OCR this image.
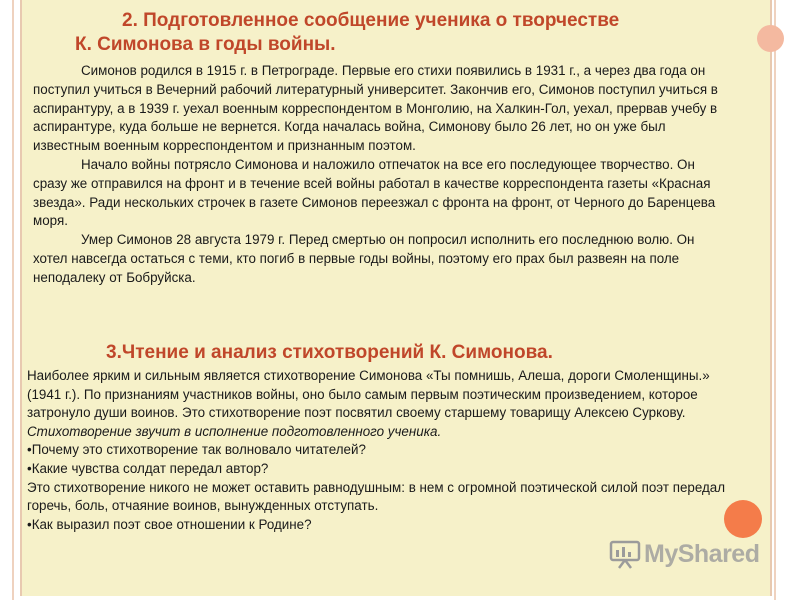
2. Подготовленное сообщение ученика о творчестве
К. Симонова в годы войны.

Симонов родился в 1915 г. в Петрограде. Первые его стихи появились в 1931 г., а через два года он поступил учиться в Вечерний рабочий литературный университет. Закончив его, Симонов поступил учиться в аспирантуру, а в 1939 г. уехал военным корреспондентом в Монголию, на Халкин-Гол, уехал, прервав учебу в аспирантуре, куда больше не вернется. Когда началась война, Симонову было 26 лет, но он уже был известным военным корреспондентом и признанным поэтом.

Начало войны потрясло Симонова и наложило отпечаток на все его последующее творчество. Он сразу же отправился на фронт и в течение всей войны работал в качестве корреспондента газеты «Красная звезда». Ради нескольких строчек в газете Симонов переезжал с фронта на фронт, от Черного до Баренцева моря.

Умер Симонов 28 августа 1979 г. Перед смертью он попросил исполнить его последнюю волю. Он хотел навсегда остаться с теми, кто погиб в первые годы войны, поэтому его прах был развеян на поле неподалеку от Бобруйска.

3.Чтение и анализ стихотворений К. Симонова.

Наиболее ярким и сильным является стихотворение Симонова «Ты помнишь, Алеша, дороги Смоленщины.» (1941 г.). По признаниям участников войны, оно было самым первым поэтическим произведением, которое затронуло души воинов. Это стихотворение поэт посвятил своему старшему товарищу Алексею Суркову.

Стихотворение звучит в исполнение подготовленного ученика.

•Почему это стихотворение так волновало читателей?

•Какие чувства солдат передал автор?

Это стихотворение никого не может оставить равнодушным: в нем с огромной поэтической силой поэт передал горечь, боль, отчаяние воинов, вынужденных отступать.

•Как выразил поэт свое отношении к Родине?

MyShared
